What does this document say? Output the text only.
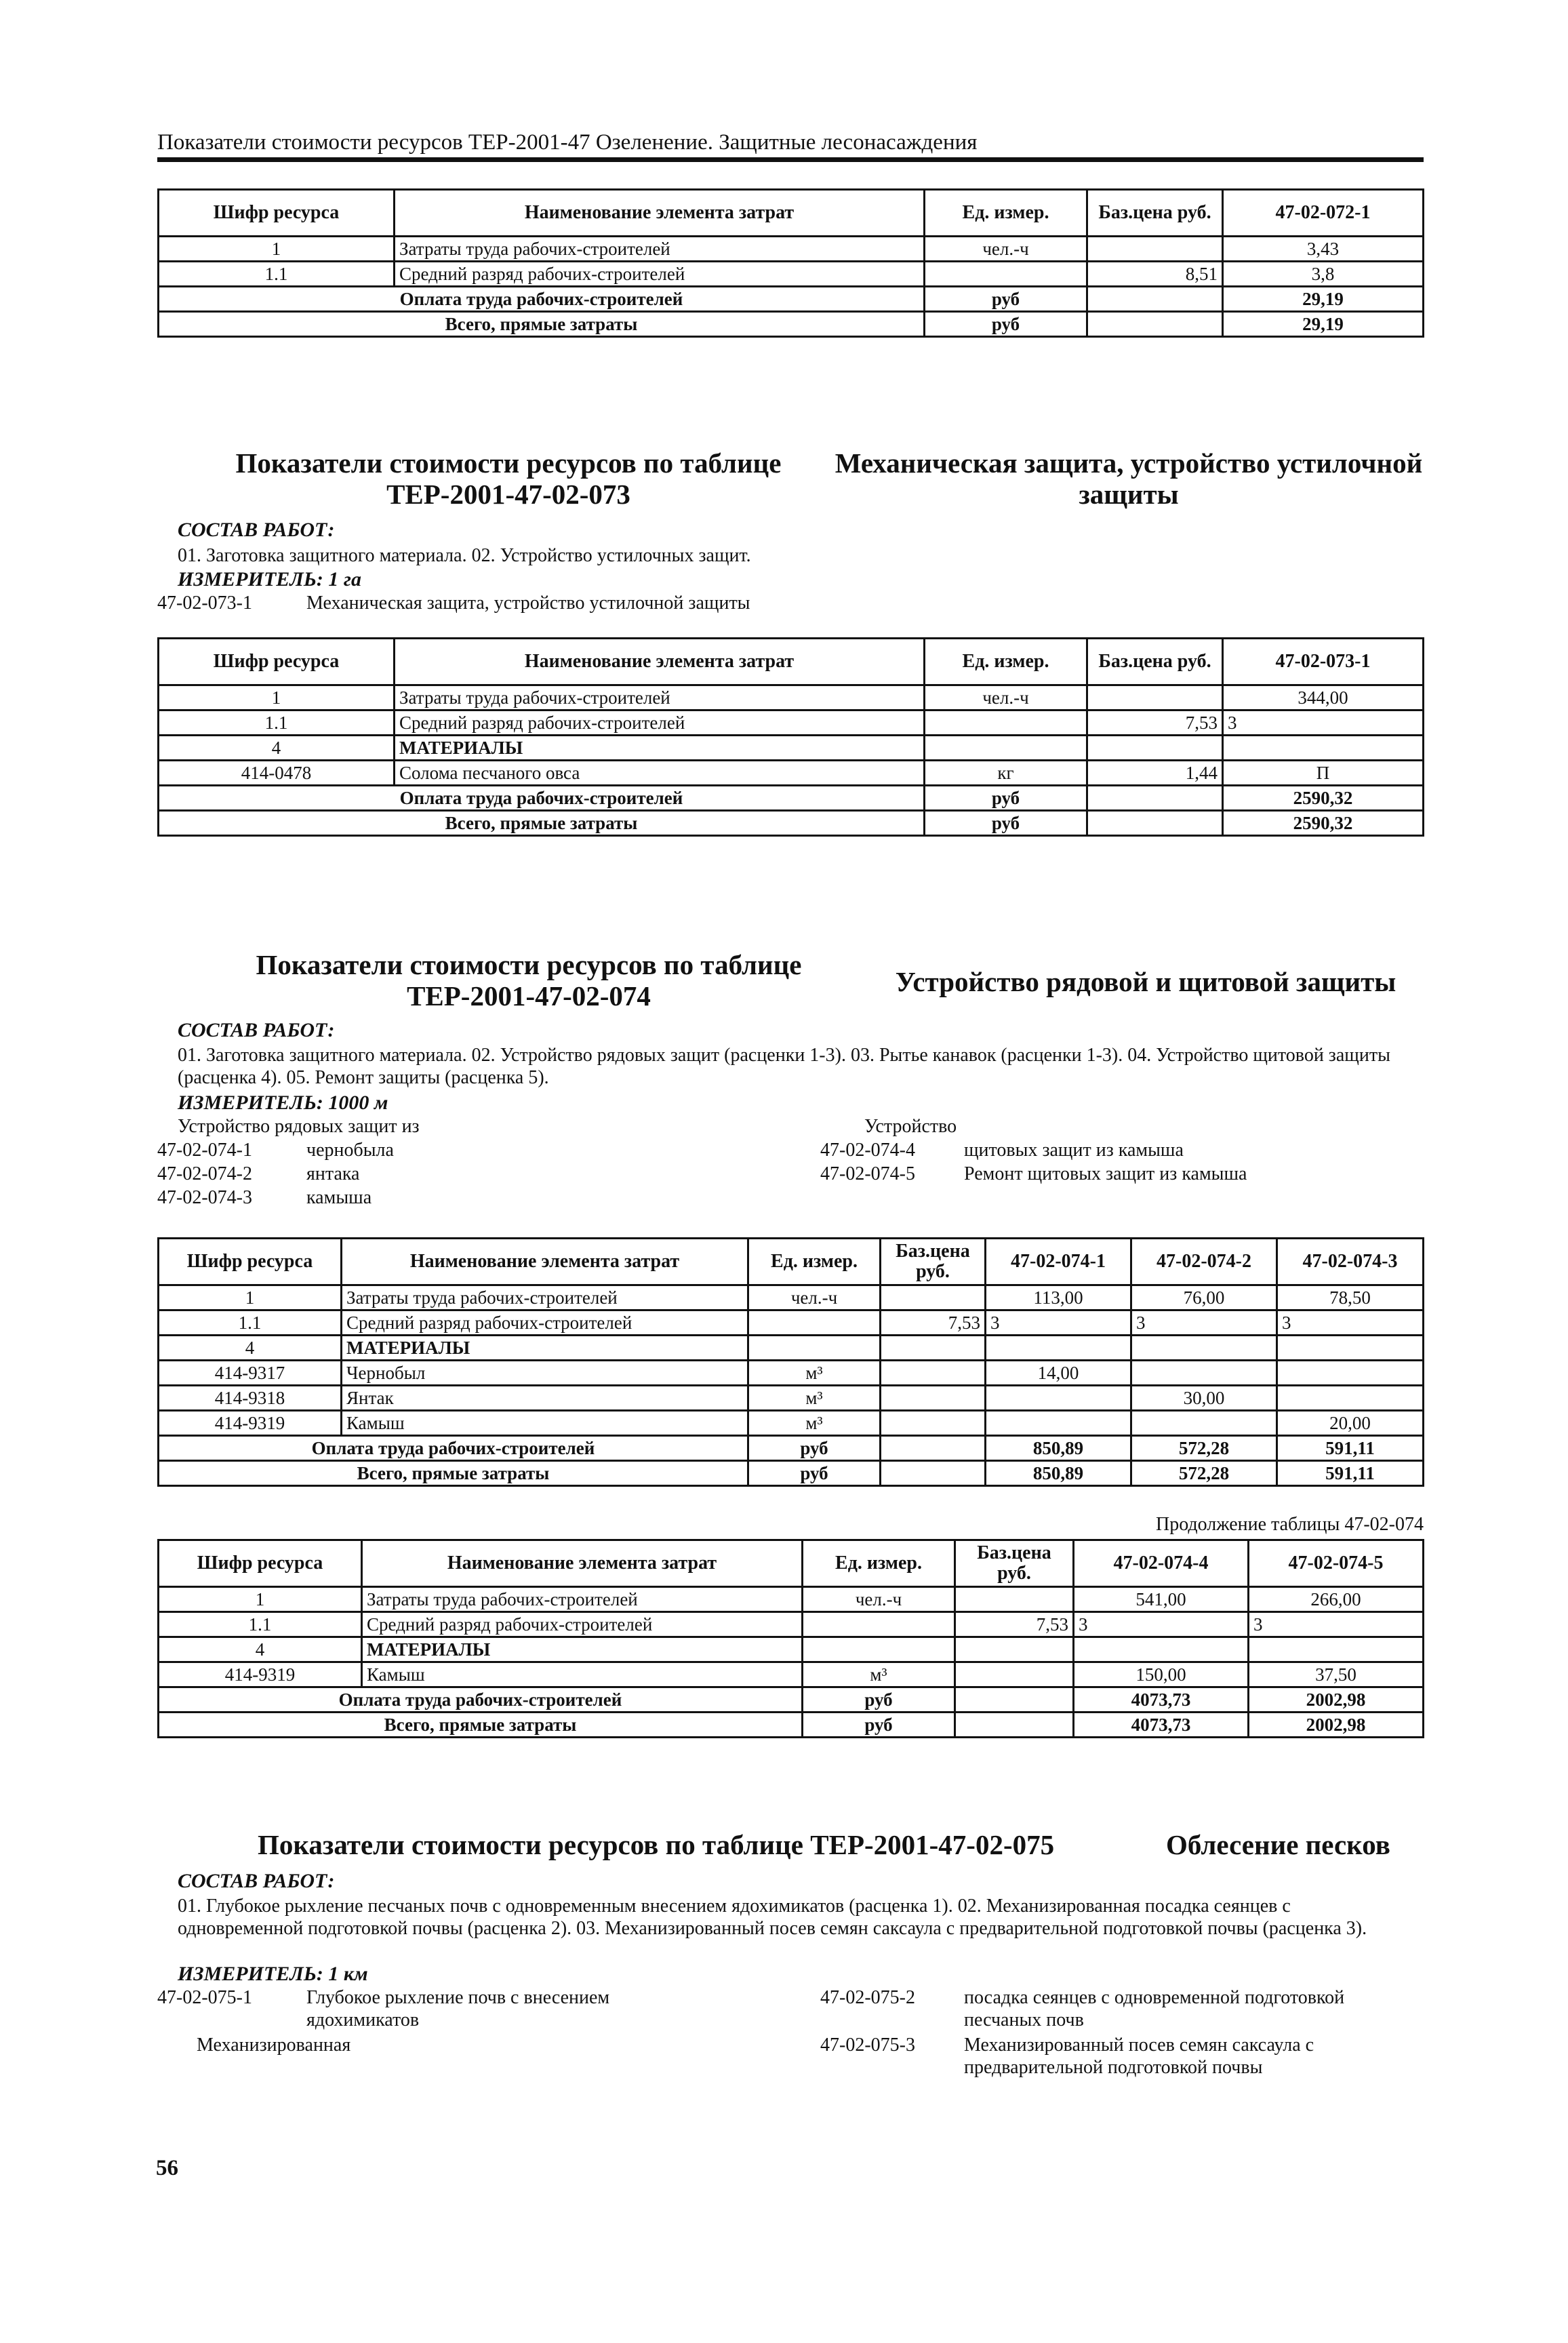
Показатели стоимости ресурсов ТЕР-2001-47 Озеленение. Защитные лесонасаждения
Шифр ресурса	Наименование элемента затрат	Ед. измер.	Баз.цена руб.	47-02-072-1
1	Затраты труда рабочих-строителей	чел.-ч		3,43
1.1	Средний разряд рабочих-строителей		8,51	3,8
Оплата труда рабочих-строителей		руб		29,19
Всего, прямые затраты		руб		29,19
Показатели стоимости ресурсов по таблице ТЕР-2001-47-02-073
Механическая защита, устройство устилочной защиты
СОСТАВ РАБОТ:
01. Заготовка защитного материала. 02. Устройство устилочных защит.
ИЗМЕРИТЕЛЬ: 1 га
47-02-073-1	Механическая защита, устройство устилочной защиты
Шифр ресурса	Наименование элемента затрат	Ед. измер.	Баз.цена руб.	47-02-073-1
1	Затраты труда рабочих-строителей	чел.-ч		344,00
1.1	Средний разряд рабочих-строителей		7,53	3
4	МАТЕРИАЛЫ			
414-0478	Солома песчаного овса	кг	1,44	П
Оплата труда рабочих-строителей		руб		2590,32
Всего, прямые затраты		руб		2590,32
Показатели стоимости ресурсов по таблице ТЕР-2001-47-02-074	Устройство рядовой и щитовой защиты
СОСТАВ РАБОТ:
01. Заготовка защитного материала. 02. Устройство рядовых защит (расценки 1-3). 03. Рытье канавок (расценки 1-3). 04. Устройство щитовой защиты (расценка 4). 05. Ремонт защиты (расценка 5).
ИЗМЕРИТЕЛЬ: 1000 м
Устройство рядовых защит из	Устройство
47-02-074-1	чернобыла
47-02-074-2	янтака
47-02-074-3	камыша
47-02-074-4	щитовых защит из камыша
47-02-074-5	Ремонт щитовых защит из камыша
Шифр ресурса	Наименование элемента затрат	Ед. измер.	Баз.цена руб.	47-02-074-1	47-02-074-2	47-02-074-3
1	Затраты труда рабочих-строителей	чел.-ч		113,00	76,00	78,50
1.1	Средний разряд рабочих-строителей		7,53	3	3	3
4	МАТЕРИАЛЫ					
414-9317	Чернобыл	м³		14,00		
414-9318	Янтак	м³			30,00	
414-9319	Камыш	м³				20,00
Оплата труда рабочих-строителей		руб		850,89	572,28	591,11
Всего, прямые затраты		руб		850,89	572,28	591,11
Продолжение таблицы 47-02-074
Шифр ресурса	Наименование элемента затрат	Ед. измер.	Баз.цена руб.	47-02-074-4	47-02-074-5
1	Затраты труда рабочих-строителей	чел.-ч		541,00	266,00
1.1	Средний разряд рабочих-строителей		7,53	3	3
4	МАТЕРИАЛЫ				
414-9319	Камыш	м³		150,00	37,50
Оплата труда рабочих-строителей		руб		4073,73	2002,98
Всего, прямые затраты		руб		4073,73	2002,98
Показатели стоимости ресурсов по таблице ТЕР-2001-47-02-075	Облесение песков
СОСТАВ РАБОТ:
01. Глубокое рыхление песчаных почв с одновременным внесением ядохимикатов (расценка 1). 02. Механизированная посадка сеянцев с одновременной подготовкой почвы (расценка 2). 03. Механизированный посев семян саксаула с предварительной подготовкой почвы (расценка 3).
ИЗМЕРИТЕЛЬ: 1 км
47-02-075-1	Глубокое рыхление почв с внесением ядохимикатов
Механизированная
47-02-075-2	посадка сеянцев с одновременной подготовкой песчаных почв
47-02-075-3	Механизированный посев семян саксаула с предварительной подготовкой почвы
56
